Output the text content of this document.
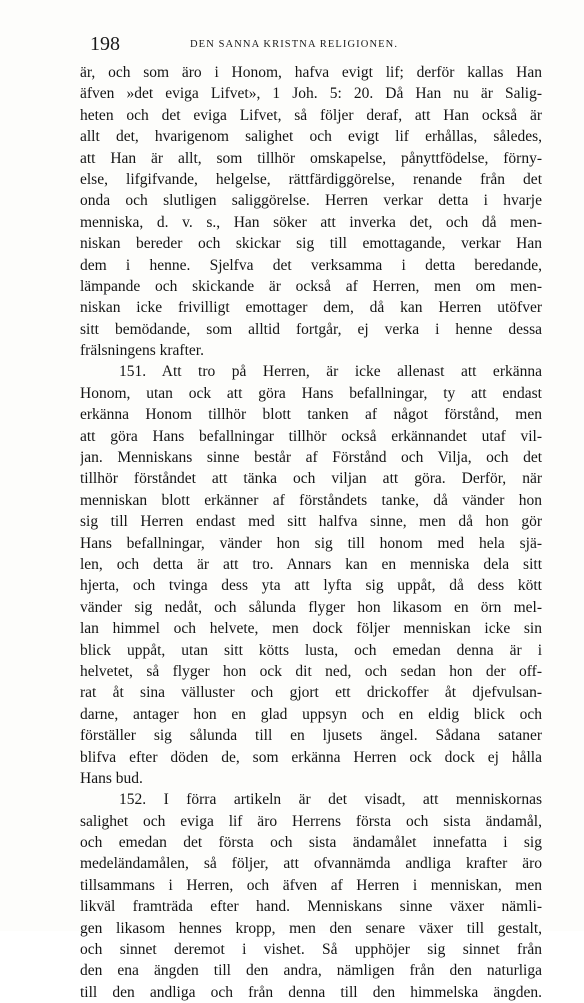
198	DEN SANNA KRISTNA RELIGIONEN.
är, och som äro i Honom, hafva evigt lif; derför kallas Han
äfven »det eviga Lifvet», 1 Joh. 5: 20. Då Han nu är Salig-
heten och det eviga Lifvet, så följer deraf, att Han också är
allt det, hvarigenom salighet och evigt lif erhållas, således,
att Han är allt, som tillhör omskapelse, pånyttfödelse, förny-
else, lifgifvande, helgelse, rättfärdiggörelse, renande från det
onda och slutligen saliggörelse. Herren verkar detta i hvarje
menniska, d. v. s., Han söker att inverka det, och då men-
niskan bereder och skickar sig till emottagande, verkar Han
dem i henne. Sjelfva det verksamma i detta beredande,
lämpande och skickande är också af Herren, men om men-
niskan icke frivilligt emottager dem, då kan Herren utöfver
sitt bemödande, som alltid fortgår, ej verka i henne dessa
frälsningens krafter.
151. Att tro på Herren, är icke allenast att erkänna
Honom, utan ock att göra Hans befallningar, ty att endast
erkänna Honom tillhör blott tanken af något förstånd, men
att göra Hans befallningar tillhör också erkännandet utaf vil-
jan. Menniskans sinne består af Förstånd och Vilja, och det
tillhör förståndet att tänka och viljan att göra. Derför, när
menniskan blott erkänner af förståndets tanke, då vänder hon
sig till Herren endast med sitt halfva sinne, men då hon gör
Hans befallningar, vänder hon sig till honom med hela sjä-
len, och detta är att tro. Annars kan en menniska dela sitt
hjerta, och tvinga dess yta att lyfta sig uppåt, då dess kött
vänder sig nedåt, och sålunda flyger hon likasom en örn mel-
lan himmel och helvete, men dock följer menniskan icke sin
blick uppåt, utan sitt kötts lusta, och emedan denna är i
helvetet, så flyger hon ock dit ned, och sedan hon der off-
rat åt sina välluster och gjort ett drickoffer åt djefvulsan-
darne, antager hon en glad uppsyn och en eldig blick och
förställer sig sålunda till en ljusets ängel. Sådana sataner
blifva efter döden de, som erkänna Herren ock dock ej hålla
Hans bud.
152. I förra artikeln är det visadt, att menniskornas
salighet och eviga lif äro Herrens första och sista ändamål,
och emedan det första och sista ändamålet innefatta i sig
medeländamålen, så följer, att ofvannämda andliga krafter äro
tillsammans i Herren, och äfven af Herren i menniskan, men
likväl framträda efter hand. Menniskans sinne växer nämli-
gen likasom hennes kropp, men den senare växer till gestalt,
och sinnet deremot i vishet. Så upphöjer sig sinnet från
den ena ängden till den andra, nämligen från den naturliga
till den andliga och från denna till den himmelska ängden.
